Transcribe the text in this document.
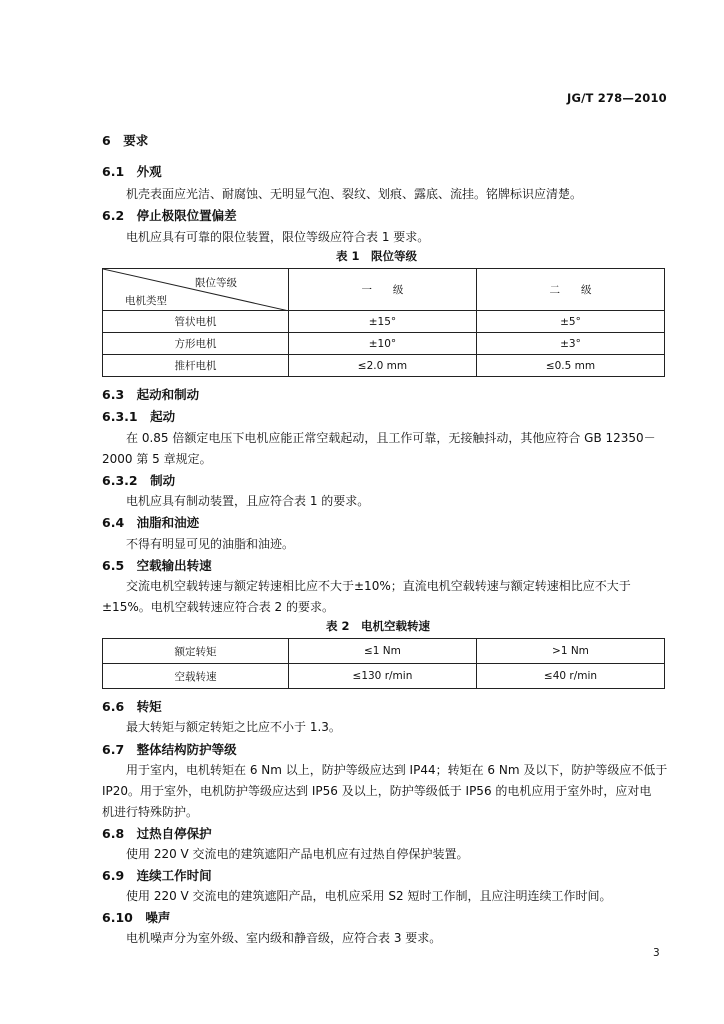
JG/T 278—2010
6　要求
6.1　外观
机壳表面应光洁、耐腐蚀、无明显气泡、裂纹、划痕、露底、流挂。铭牌标识应清楚。
6.2　停止极限位置偏差
电机应具有可靠的限位装置，限位等级应符合表 1 要求。
表 1　限位等级
限位等级
电机类型	一　　级	二　　级
管状电机	±15°	±5°
方形电机	±10°	±3°
推杆电机	≤2.0 mm	≤0.5 mm
6.3　起动和制动
6.3.1　起动
在 0.85 倍额定电压下电机应能正常空载起动，且工作可靠，无接触抖动，其他应符合 GB 12350－
2000 第 5 章规定。
6.3.2　制动
电机应具有制动装置，且应符合表 1 的要求。
6.4　油脂和油迹
不得有明显可见的油脂和油迹。
6.5　空载输出转速
交流电机空载转速与额定转速相比应不大于±10%；直流电机空载转速与额定转速相比应不大于
±15%。电机空载转速应符合表 2 的要求。
表 2　电机空载转速
额定转矩	≤1 Nm	>1 Nm
空载转速	≤130 r/min	≤40 r/min
6.6　转矩
最大转矩与额定转矩之比应不小于 1.3。
6.7　整体结构防护等级
用于室内，电机转矩在 6 Nm 以上，防护等级应达到 IP44；转矩在 6 Nm 及以下，防护等级应不低于
IP20。用于室外，电机防护等级应达到 IP56 及以上，防护等级低于 IP56 的电机应用于室外时，应对电
机进行特殊防护。
6.8　过热自停保护
使用 220 V 交流电的建筑遮阳产品电机应有过热自停保护装置。
6.9　连续工作时间
使用 220 V 交流电的建筑遮阳产品，电机应采用 S2 短时工作制，且应注明连续工作时间。
6.10　噪声
电机噪声分为室外级、室内级和静音级，应符合表 3 要求。
3
